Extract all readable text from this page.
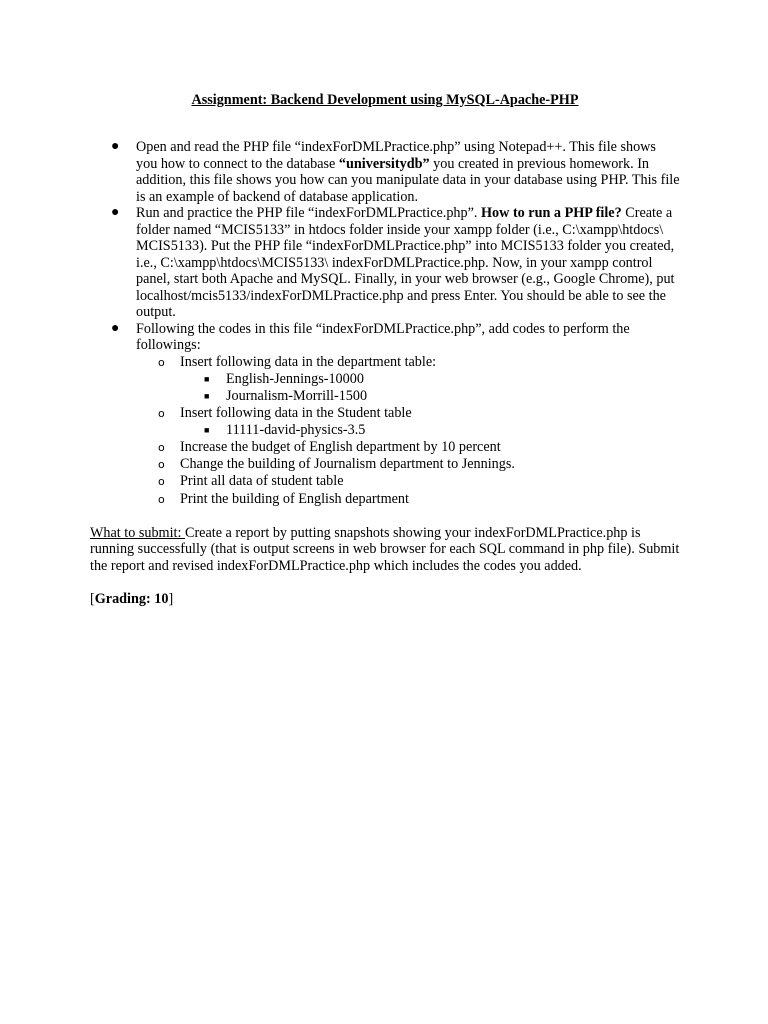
Assignment: Backend Development using MySQL-Apache-PHP
● Open and read the PHP file “indexForDMLPractice.php” using Notepad++. This file shows you how to connect to the database “universitydb” you created in previous homework. In addition, this file shows you how can you manipulate data in your database using PHP. This file is an example of backend of database application.
● Run and practice the PHP file “indexForDMLPractice.php”. How to run a PHP file? Create a folder named “MCIS5133” in htdocs folder inside your xampp folder (i.e., C:\xampp\htdocs\ MCIS5133). Put the PHP file “indexForDMLPractice.php” into MCIS5133 folder you created, i.e., C:\xampp\htdocs\MCIS5133\ indexForDMLPractice.php. Now, in your xampp control panel, start both Apache and MySQL. Finally, in your web browser (e.g., Google Chrome), put localhost/mcis5133/indexForDMLPractice.php and press Enter. You should be able to see the output.
● Following the codes in this file “indexForDMLPractice.php”, add codes to perform the followings:
o Insert following data in the department table:
■ English-Jennings-10000
■ Journalism-Morrill-1500
o Insert following data in the Student table
■ 11111-david-physics-3.5
o Increase the budget of English department by 10 percent
o Change the building of Journalism department to Jennings.
o Print all data of student table
o Print the building of English department
What to submit: Create a report by putting snapshots showing your indexForDMLPractice.php is running successfully (that is output screens in web browser for each SQL command in php file). Submit the report and revised indexForDMLPractice.php which includes the codes you added.
[Grading: 10]
